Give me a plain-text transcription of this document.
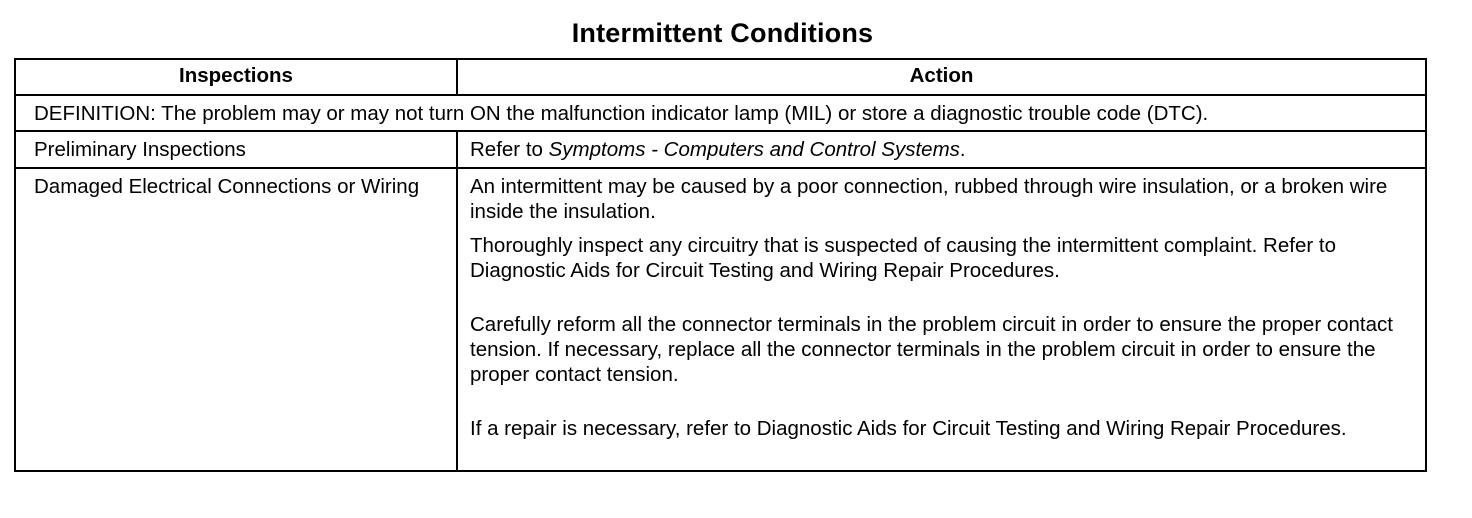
Intermittent Conditions
Inspections	Action
DEFINITION: The problem may or may not turn ON the malfunction indicator lamp (MIL) or store a diagnostic trouble code (DTC).	
Preliminary Inspections	Refer to Symptoms - Computers and Control Systems.
Damaged Electrical Connections or Wiring	An intermittent may be caused by a poor connection, rubbed through wire insulation, or a broken wire inside the insulation.

Thoroughly inspect any circuitry that is suspected of causing the intermittent complaint. Refer to Diagnostic Aids for Circuit Testing and Wiring Repair Procedures.

Carefully reform all the connector terminals in the problem circuit in order to ensure the proper contact tension. If necessary, replace all the connector terminals in the problem circuit in order to ensure the proper contact tension.

If a repair is necessary, refer to Diagnostic Aids for Circuit Testing and Wiring Repair Procedures.
